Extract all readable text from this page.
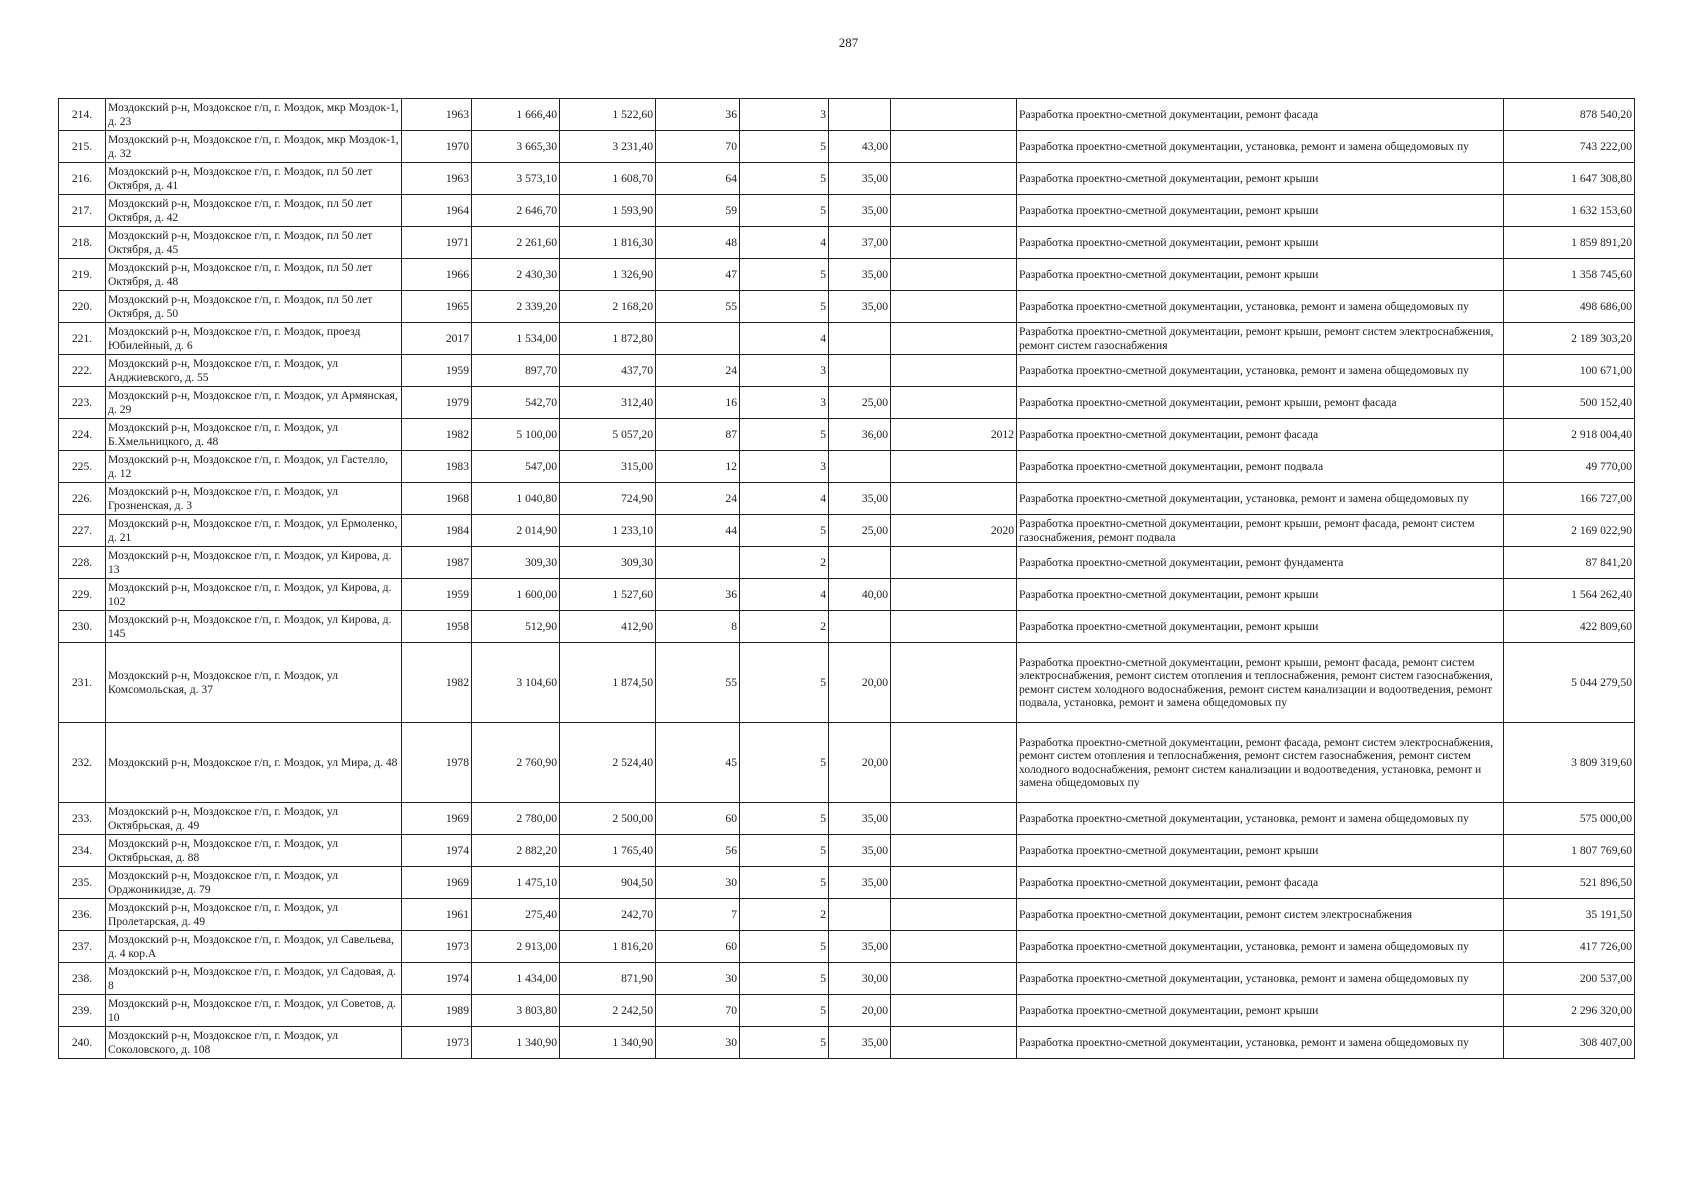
287
214.	Моздокский р-н, Моздокское г/п, г. Моздок, мкр Моздок-1, д. 23	1963	1 666,40	1 522,60	36	3			Разработка проектно-сметной документации, ремонт фасада	878 540,20
215.	Моздокский р-н, Моздокское г/п, г. Моздок, мкр Моздок-1, д. 32	1970	3 665,30	3 231,40	70	5	43,00		Разработка проектно-сметной документации, установка, ремонт и замена общедомовых пу	743 222,00
216.	Моздокский р-н, Моздокское г/п, г. Моздок, пл 50 лет Октября, д. 41	1963	3 573,10	1 608,70	64	5	35,00		Разработка проектно-сметной документации, ремонт крыши	1 647 308,80
217.	Моздокский р-н, Моздокское г/п, г. Моздок, пл 50 лет Октября, д. 42	1964	2 646,70	1 593,90	59	5	35,00		Разработка проектно-сметной документации, ремонт крыши	1 632 153,60
218.	Моздокский р-н, Моздокское г/п, г. Моздок, пл 50 лет Октября, д. 45	1971	2 261,60	1 816,30	48	4	37,00		Разработка проектно-сметной документации, ремонт крыши	1 859 891,20
219.	Моздокский р-н, Моздокское г/п, г. Моздок, пл 50 лет Октября, д. 48	1966	2 430,30	1 326,90	47	5	35,00		Разработка проектно-сметной документации, ремонт крыши	1 358 745,60
220.	Моздокский р-н, Моздокское г/п, г. Моздок, пл 50 лет Октября, д. 50	1965	2 339,20	2 168,20	55	5	35,00		Разработка проектно-сметной документации, установка, ремонт и замена общедомовых пу	498 686,00
221.	Моздокский р-н, Моздокское г/п, г. Моздок, проезд Юбилейный, д. 6	2017	1 534,00	1 872,80		4			Разработка проектно-сметной документации, ремонт крыши, ремонт систем электроснабжения, ремонт систем газоснабжения	2 189 303,20
222.	Моздокский р-н, Моздокское г/п, г. Моздок, ул Анджиевского, д. 55	1959	897,70	437,70	24	3			Разработка проектно-сметной документации, установка, ремонт и замена общедомовых пу	100 671,00
223.	Моздокский р-н, Моздокское г/п, г. Моздок, ул Армянская, д. 29	1979	542,70	312,40	16	3	25,00		Разработка проектно-сметной документации, ремонт крыши, ремонт фасада	500 152,40
224.	Моздокский р-н, Моздокское г/п, г. Моздок, ул Б.Хмельницкого, д. 48	1982	5 100,00	5 057,20	87	5	36,00	2012	Разработка проектно-сметной документации, ремонт фасада	2 918 004,40
225.	Моздокский р-н, Моздокское г/п, г. Моздок, ул Гастелло, д. 12	1983	547,00	315,00	12	3			Разработка проектно-сметной документации, ремонт подвала	49 770,00
226.	Моздокский р-н, Моздокское г/п, г. Моздок, ул Грозненская, д. 3	1968	1 040,80	724,90	24	4	35,00		Разработка проектно-сметной документации, установка, ремонт и замена общедомовых пу	166 727,00
227.	Моздокский р-н, Моздокское г/п, г. Моздок, ул Ермоленко, д. 21	1984	2 014,90	1 233,10	44	5	25,00	2020	Разработка проектно-сметной документации, ремонт крыши, ремонт фасада, ремонт систем газоснабжения, ремонт подвала	2 169 022,90
228.	Моздокский р-н, Моздокское г/п, г. Моздок, ул Кирова, д. 13	1987	309,30	309,30		2			Разработка проектно-сметной документации, ремонт фундамента	87 841,20
229.	Моздокский р-н, Моздокское г/п, г. Моздок, ул Кирова, д. 102	1959	1 600,00	1 527,60	36	4	40,00		Разработка проектно-сметной документации, ремонт крыши	1 564 262,40
230.	Моздокский р-н, Моздокское г/п, г. Моздок, ул Кирова, д. 145	1958	512,90	412,90	8	2			Разработка проектно-сметной документации, ремонт крыши	422 809,60
231.	Моздокский р-н, Моздокское г/п, г. Моздок, ул Комсомольская, д. 37	1982	3 104,60	1 874,50	55	5	20,00		Разработка проектно-сметной документации, ремонт крыши, ремонт фасада, ремонт систем электроснабжения, ремонт систем отопления и теплоснабжения, ремонт систем газоснабжения, ремонт систем холодного водоснабжения, ремонт систем канализации и водоотведения, ремонт подвала, установка, ремонт и замена общедомовых пу	5 044 279,50
232.	Моздокский р-н, Моздокское г/п, г. Моздок, ул Мира, д. 48	1978	2 760,90	2 524,40	45	5	20,00		Разработка проектно-сметной документации, ремонт фасада, ремонт систем электроснабжения, ремонт систем отопления и теплоснабжения, ремонт систем газоснабжения, ремонт систем холодного водоснабжения, ремонт систем канализации и водоотведения, установка, ремонт и замена общедомовых пу	3 809 319,60
233.	Моздокский р-н, Моздокское г/п, г. Моздок, ул Октябрьская, д. 49	1969	2 780,00	2 500,00	60	5	35,00		Разработка проектно-сметной документации, установка, ремонт и замена общедомовых пу	575 000,00
234.	Моздокский р-н, Моздокское г/п, г. Моздок, ул Октябрьская, д. 88	1974	2 882,20	1 765,40	56	5	35,00		Разработка проектно-сметной документации, ремонт крыши	1 807 769,60
235.	Моздокский р-н, Моздокское г/п, г. Моздок, ул Орджоникидзе, д. 79	1969	1 475,10	904,50	30	5	35,00		Разработка проектно-сметной документации, ремонт фасада	521 896,50
236.	Моздокский р-н, Моздокское г/п, г. Моздок, ул Пролетарская, д. 49	1961	275,40	242,70	7	2			Разработка проектно-сметной документации, ремонт систем электроснабжения	35 191,50
237.	Моздокский р-н, Моздокское г/п, г. Моздок, ул Савельева, д. 4 кор.А	1973	2 913,00	1 816,20	60	5	35,00		Разработка проектно-сметной документации, установка, ремонт и замена общедомовых пу	417 726,00
238.	Моздокский р-н, Моздокское г/п, г. Моздок, ул Садовая, д. 8	1974	1 434,00	871,90	30	5	30,00		Разработка проектно-сметной документации, установка, ремонт и замена общедомовых пу	200 537,00
239.	Моздокский р-н, Моздокское г/п, г. Моздок, ул Советов, д. 10	1989	3 803,80	2 242,50	70	5	20,00		Разработка проектно-сметной документации, ремонт крыши	2 296 320,00
240.	Моздокский р-н, Моздокское г/п, г. Моздок, ул Соколовского, д. 108	1973	1 340,90	1 340,90	30	5	35,00		Разработка проектно-сметной документации, установка, ремонт и замена общедомовых пу	308 407,00
